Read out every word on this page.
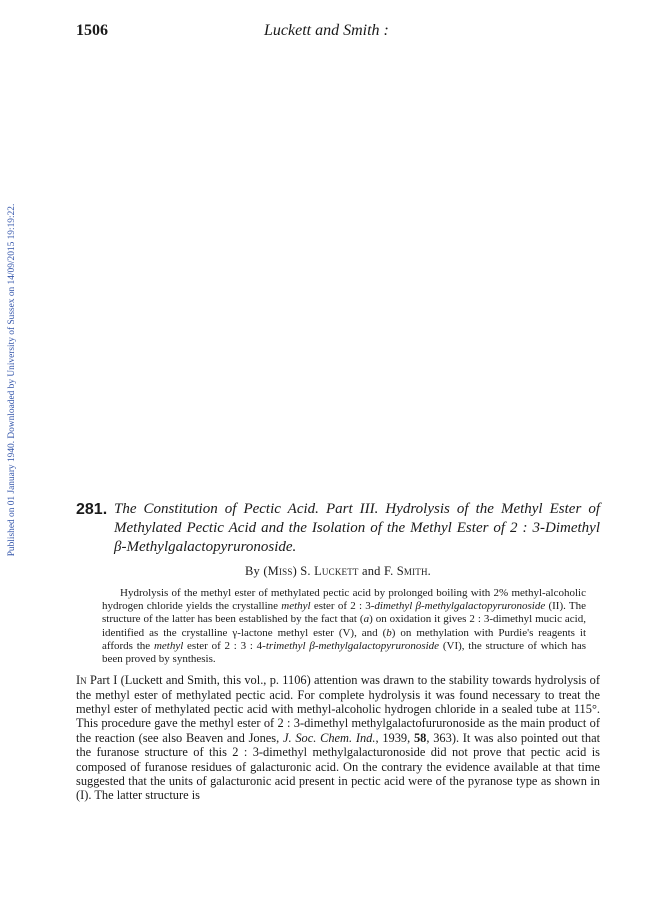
1506	Luckett and Smith :
Published on 01 January 1940. Downloaded by University of Sussex on 14/09/2015 19:19:22.	281. The Constitution of Pectic Acid. Part III. Hydrolysis of the Methyl Ester of Methylated Pectic Acid and the Isolation of the Methyl Ester of 2 : 3-Dimethyl β-Methylgalactopyruronoside.

By (Miss) S. Luckett and F. Smith.

Hydrolysis of the methyl ester of methylated pectic acid by prolonged boiling with 2% methyl-alcoholic hydrogen chloride yields the crystalline methyl ester of 2 : 3-dimethyl β-methylgalactopyruronoside (II). The structure of the latter has been established by the fact that (a) on oxidation it gives 2 : 3-dimethyl mucic acid, identified as the crystalline γ-lactone methyl ester (V), and (b) on methylation with Purdie's reagents it affords the methyl ester of 2 : 3 : 4-trimethyl β-methylgalactopyruronoside (VI), the structure of which has been proved by synthesis.

In Part I (Luckett and Smith, this vol., p. 1106) attention was drawn to the stability towards hydrolysis of the methyl ester of methylated pectic acid. For complete hydrolysis it was found necessary to treat the methyl ester of methylated pectic acid with methyl-alcoholic hydrogen chloride in a sealed tube at 115°. This procedure gave the methyl ester of 2 : 3-dimethyl methylgalactofururonoside as the main product of the reaction (see also Beaven and Jones, J. Soc. Chem. Ind., 1939, 58, 363). It was also pointed out that the furanose structure of this 2 : 3-dimethyl methylgalacturonoside did not prove that pectic acid is composed of furanose residues of galacturonic acid. On the contrary the evidence available at that time suggested that the units of galacturonic acid present in pectic acid were of the pyranose type as shown in (I). The latter structure is
